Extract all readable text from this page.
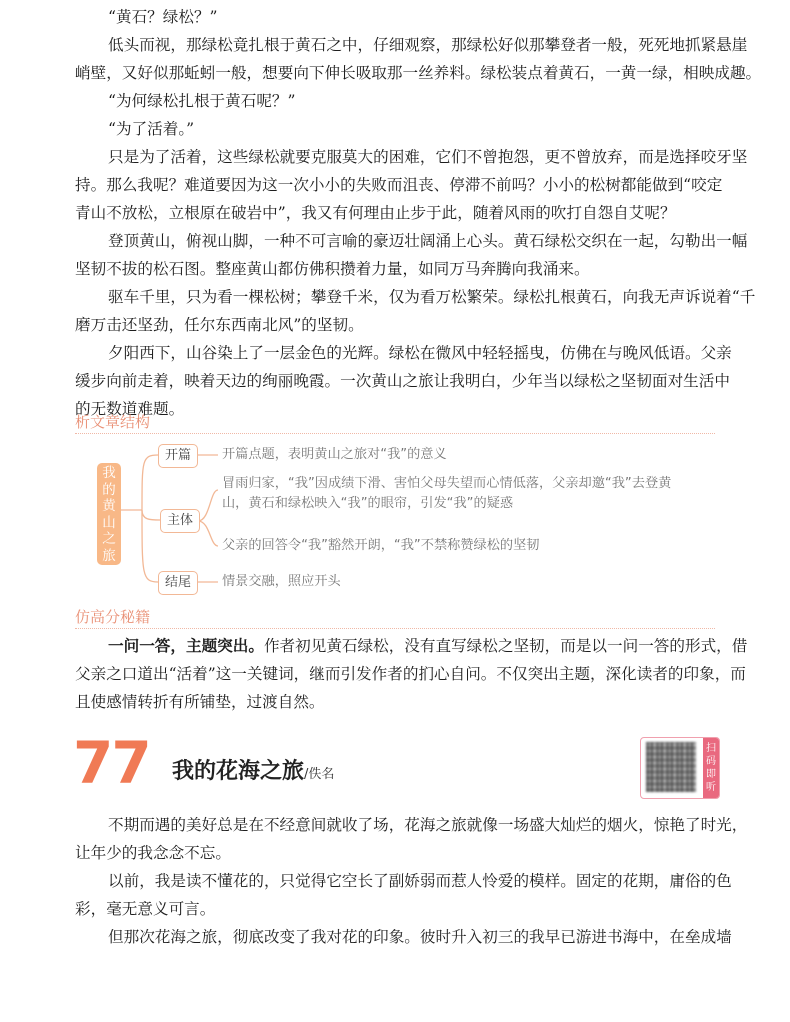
“黄石？绿松？”
低头而视，那绿松竟扎根于黄石之中，仔细观察，那绿松好似那攀登者一般，死死地抓紧悬崖
峭壁，又好似那蚯蚓一般，想要向下伸长吸取那一丝养料。绿松装点着黄石，一黄一绿，相映成趣。
“为何绿松扎根于黄石呢？”
“为了活着。”
只是为了活着，这些绿松就要克服莫大的困难，它们不曾抱怨，更不曾放弃，而是选择咬牙坚
持。那么我呢？难道要因为这一次小小的失败而沮丧、停滞不前吗？小小的松树都能做到“咬定
青山不放松，立根原在破岩中”，我又有何理由止步于此，随着风雨的吹打自怨自艾呢？
登顶黄山，俯视山脚，一种不可言喻的豪迈壮阔涌上心头。黄石绿松交织在一起，勾勒出一幅
坚韧不拔的松石图。整座黄山都仿佛积攒着力量，如同万马奔腾向我涌来。
驱车千里，只为看一棵松树；攀登千米，仅为看万松繁荣。绿松扎根黄石，向我无声诉说着“千
磨万击还坚劲，任尔东西南北风”的坚韧。
夕阳西下，山谷染上了一层金色的光辉。绿松在微风中轻轻摇曳，仿佛在与晚风低语。父亲
缓步向前走着，映着天边的绚丽晚霞。一次黄山之旅让我明白，少年当以绿松之坚韧面对生活中
的无数道难题。
析文章结构
我
的
黄
山
之
旅
开篇
主体
结尾
开篇点题，表明黄山之旅对“我”的意义
冒雨归家，“我”因成绩下滑、害怕父母失望而心情低落，父亲却邀“我”去登黄
山，黄石和绿松映入“我”的眼帘，引发“我”的疑惑
父亲的回答令“我”豁然开朗，“我”不禁称赞绿松的坚韧
情景交融，照应开头
仿高分秘籍
一问一答，主题突出。作者初见黄石绿松，没有直写绿松之坚韧，而是以一问一答的形式，借
父亲之口道出“活着”这一关键词，继而引发作者的扪心自问。不仅突出主题，深化读者的印象，而
且使感情转折有所铺垫，过渡自然。
77 我的花海之旅/佚名
扫
码
即
听
不期而遇的美好总是在不经意间就收了场，花海之旅就像一场盛大灿烂的烟火，惊艳了时光，
让年少的我念念不忘。
以前，我是读不懂花的，只觉得它空长了副娇弱而惹人怜爱的模样。固定的花期，庸俗的色
彩，毫无意义可言。
但那次花海之旅，彻底改变了我对花的印象。彼时升入初三的我早已游进书海中，在垒成墙
